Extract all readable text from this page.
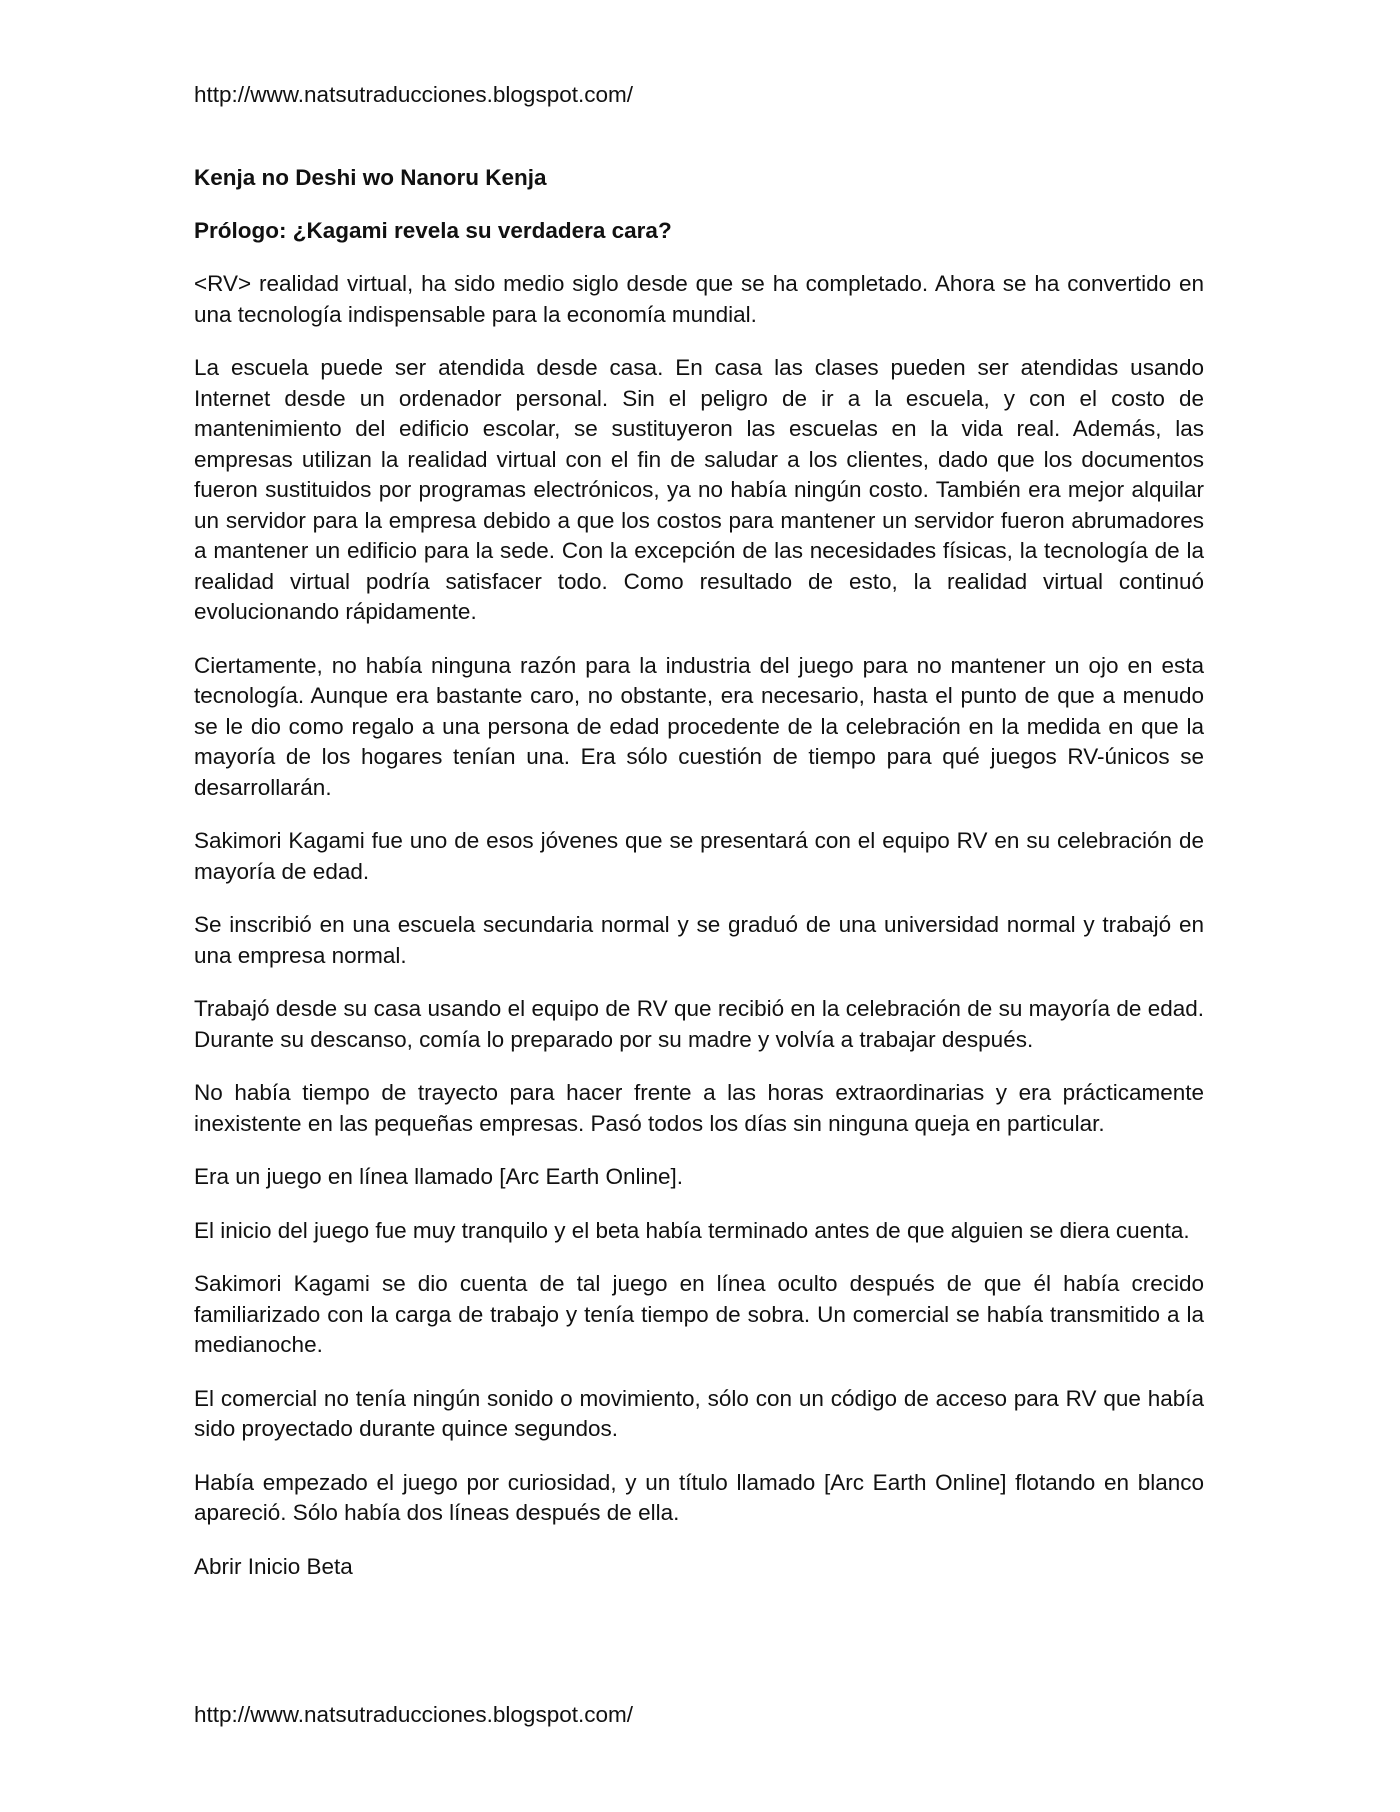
http://www.natsutraducciones.blogspot.com/

Kenja no Deshi wo Nanoru Kenja

Prólogo: ¿Kagami revela su verdadera cara?

<RV> realidad virtual, ha sido medio siglo desde que se ha completado. Ahora se ha convertido en una tecnología indispensable para la economía mundial.

La escuela puede ser atendida desde casa. En casa las clases pueden ser atendidas usando Internet desde un ordenador personal. Sin el peligro de ir a la escuela, y con el costo de mantenimiento del edificio escolar, se sustituyeron las escuelas en la vida real. Además, las empresas utilizan la realidad virtual con el fin de saludar a los clientes, dado que los documentos fueron sustituidos por programas electrónicos, ya no había ningún costo. También era mejor alquilar un servidor para la empresa debido a que los costos para mantener un servidor fueron abrumadores a mantener un edificio para la sede. Con la excepción de las necesidades físicas, la tecnología de la realidad virtual podría satisfacer todo. Como resultado de esto, la realidad virtual continuó evolucionando rápidamente.

Ciertamente, no había ninguna razón para la industria del juego para no mantener un ojo en esta tecnología. Aunque era bastante caro, no obstante, era necesario, hasta el punto de que a menudo se le dio como regalo a una persona de edad procedente de la celebración en la medida en que la mayoría de los hogares tenían una. Era sólo cuestión de tiempo para qué juegos RV-únicos se desarrollarán.

Sakimori Kagami fue uno de esos jóvenes que se presentará con el equipo RV en su celebración de mayoría de edad.

Se inscribió en una escuela secundaria normal y se graduó de una universidad normal y trabajó en una empresa normal.

Trabajó desde su casa usando el equipo de RV que recibió en la celebración de su mayoría de edad. Durante su descanso, comía lo preparado por su madre y volvía a trabajar después.

No había tiempo de trayecto para hacer frente a las horas extraordinarias y era prácticamente inexistente en las pequeñas empresas. Pasó todos los días sin ninguna queja en particular.

Era un juego en línea llamado [Arc Earth Online].

El inicio del juego fue muy tranquilo y el beta había terminado antes de que alguien se diera cuenta.

Sakimori Kagami se dio cuenta de tal juego en línea oculto después de que él había crecido familiarizado con la carga de trabajo y tenía tiempo de sobra. Un comercial se había transmitido a la medianoche.

El comercial no tenía ningún sonido o movimiento, sólo con un código de acceso para RV que había sido proyectado durante quince segundos.

Había empezado el juego por curiosidad, y un título llamado [Arc Earth Online] flotando en blanco apareció. Sólo había dos líneas después de ella.

Abrir Inicio Beta

http://www.natsutraducciones.blogspot.com/
